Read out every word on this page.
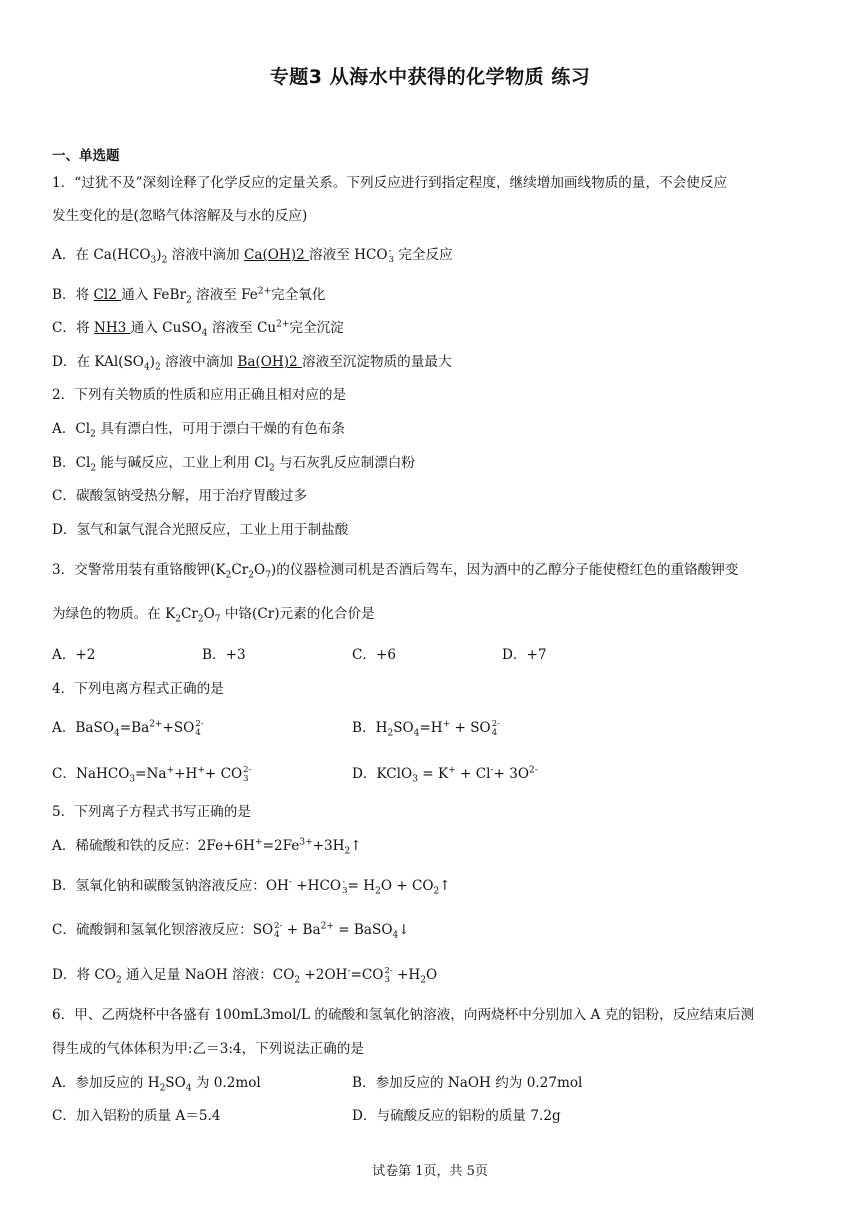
专题3 从海水中获得的化学物质 练习
一、单选题
1．“过犹不及”深刻诠释了化学反应的定量关系。下列反应进行到指定程度，继续增加画线物质的量，不会使反应
发生变化的是(忽略气体溶解及与水的反应)
A．在 $Ca(HCO_3)_2$ 溶液中滴加 Ca(OH)2 溶液至 HCO -
3 完全反应
B．将 Cl2 通入 FeBr$_2$ 溶液至 $Fe^{2+}$完全氧化
C．将 NH3 通入 CuSO$_4$ 溶液至 $Cu^{2+}$完全沉淀
D．在 $KAl(SO_4)_2$ 溶液中滴加 Ba(OH)2 溶液至沉淀物质的量最大
2．下列有关物质的性质和应用正确且相对应的是
A．$Cl_2$ 具有漂白性，可用于漂白干燥的有色布条
B．$Cl_2$ 能与碱反应，工业上利用 $Cl_2$ 与石灰乳反应制漂白粉
C．碳酸氢钠受热分解，用于治疗胃酸过多
D．氢气和氯气混合光照反应，工业上用于制盐酸
3．交警常用装有重铬酸钾$(K_2Cr_2O_7)$的仪器检测司机是否酒后驾车，因为酒中的乙醇分子能使橙红色的重铬酸钾变
为绿色的物质。在 $K_2Cr_2O_7$ 中铬(Cr)元素的化合价是
A．+2	B．+3	C．+6	D．+7
4．下列电离方程式正确的是
A．$BaSO_4=Ba^{2+}+SO$ 2-
4	B．$H_2SO_4=H^+$ + SO 2-
4
C．NaHCO$_3$=Na++H++ CO 2-
3	D．KClO$_3$ = $K^+ + Cl^-+ 3O^{2-}$
5．下列离子方程式书写正确的是
A．稀硫酸和铁的反应：$2Fe+6H^+=2Fe^{3+}+3H_2↑$
B．氢氧化钠和碳酸氢钠溶液反应：OH- +HCO -
$3 = H_2O$ + $CO_2↑$
C．硫酸铜和氢氧化钡溶液反应：SO 2-
$4 + Ba^{2+}$ = BaSO$_4$↓
D．将 $CO_2$ 通入足量 NaOH 溶液：$CO_2 +2OH^-=CO$ 2-
$3 +H_2O$
6．甲、乙两烧杯中各盛有 100mL3mol/L 的硫酸和氢氧化钠溶液，向两烧杯中分别加入 A 克的铝粉，反应结束后测
得生成的气体体积为甲:乙＝3:4，下列说法正确的是
A．参加反应的 $H_2SO_4$ 为 0.2mol	B．参加反应的 NaOH 约为 0.27mol
C．加入铝粉的质量 A＝5.4	D．与硫酸反应的铝粉的质量 7.2g
试卷第 1页，共 5页
